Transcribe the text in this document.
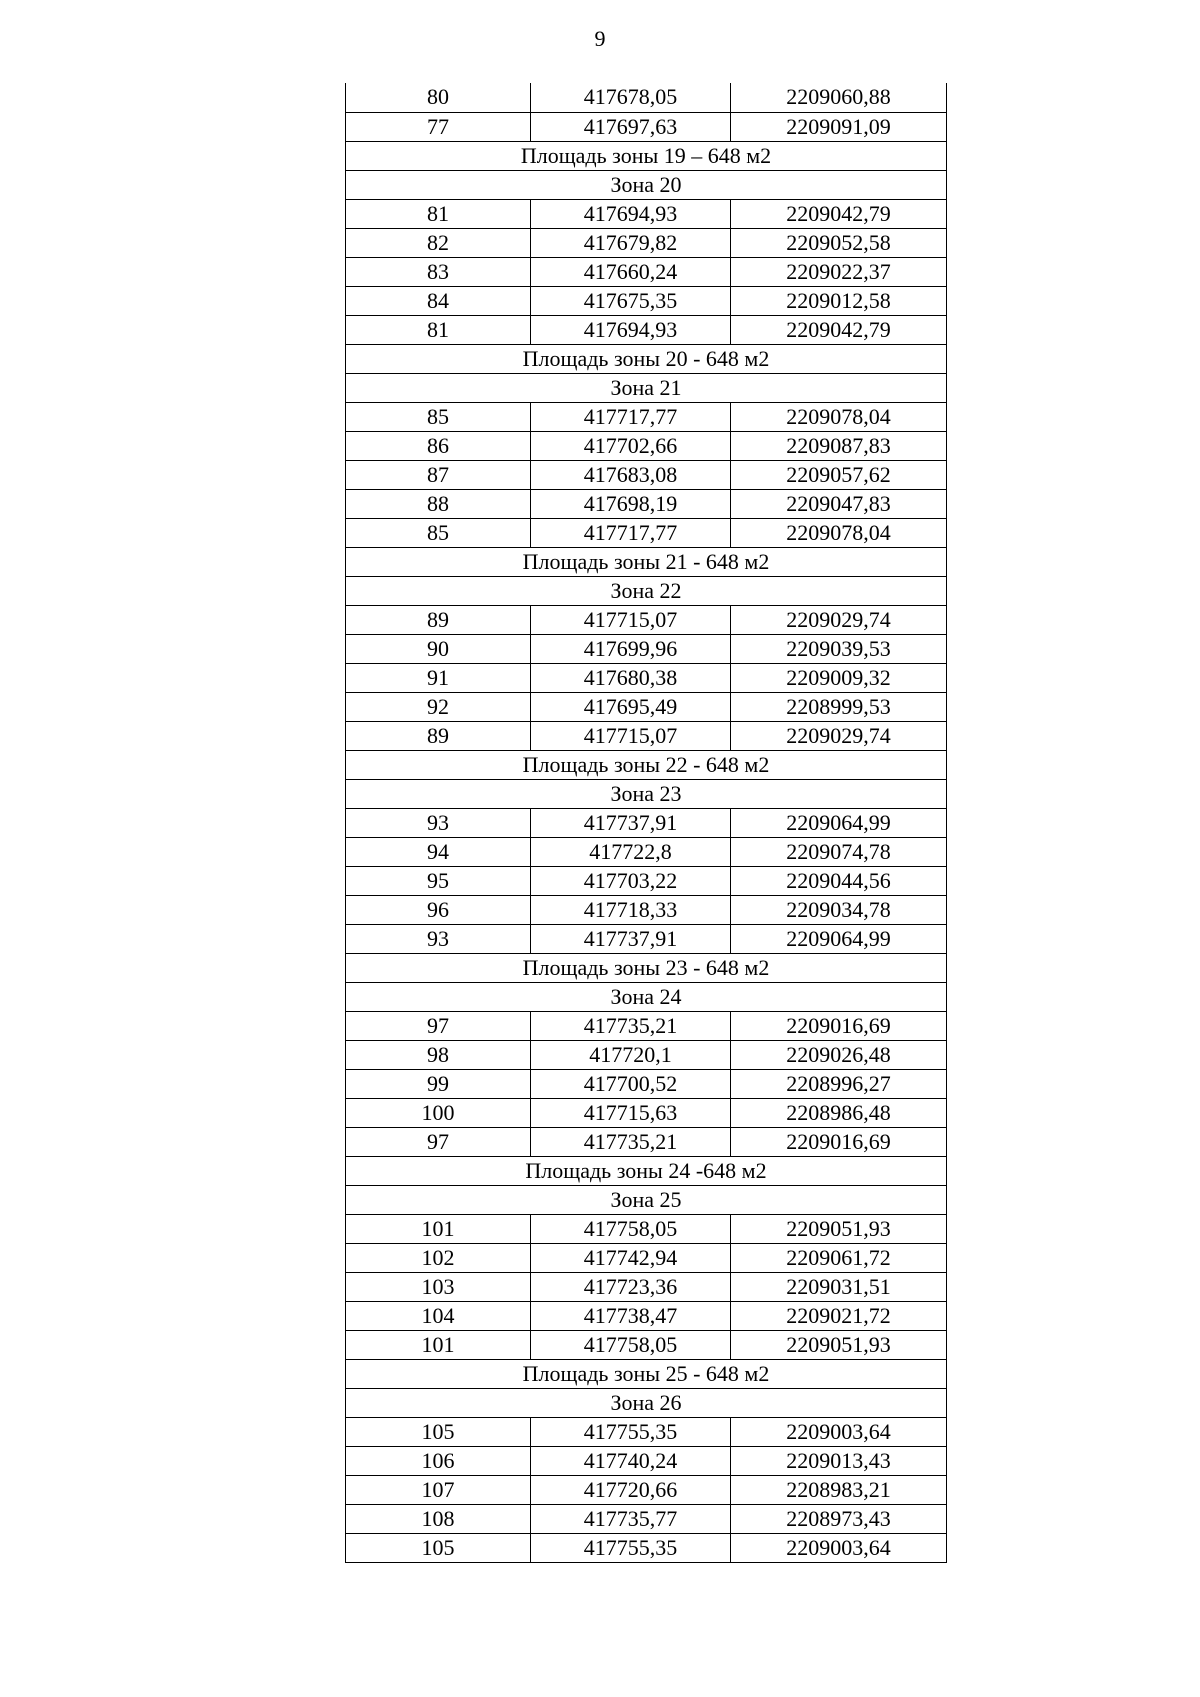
9
80	417678,05	2209060,88
77	417697,63	2209091,09
Площадь зоны 19 – 648 м2		
Зона 20		
81	417694,93	2209042,79
82	417679,82	2209052,58
83	417660,24	2209022,37
84	417675,35	2209012,58
81	417694,93	2209042,79
Площадь зоны 20 - 648 м2		
Зона 21		
85	417717,77	2209078,04
86	417702,66	2209087,83
87	417683,08	2209057,62
88	417698,19	2209047,83
85	417717,77	2209078,04
Площадь зоны 21 - 648 м2		
Зона 22		
89	417715,07	2209029,74
90	417699,96	2209039,53
91	417680,38	2209009,32
92	417695,49	2208999,53
89	417715,07	2209029,74
Площадь зоны 22 - 648 м2		
Зона 23		
93	417737,91	2209064,99
94	417722,8	2209074,78
95	417703,22	2209044,56
96	417718,33	2209034,78
93	417737,91	2209064,99
Площадь зоны 23 - 648 м2		
Зона 24		
97	417735,21	2209016,69
98	417720,1	2209026,48
99	417700,52	2208996,27
100	417715,63	2208986,48
97	417735,21	2209016,69
Площадь зоны 24 -648 м2		
Зона 25		
101	417758,05	2209051,93
102	417742,94	2209061,72
103	417723,36	2209031,51
104	417738,47	2209021,72
101	417758,05	2209051,93
Площадь зоны 25 - 648 м2		
Зона 26		
105	417755,35	2209003,64
106	417740,24	2209013,43
107	417720,66	2208983,21
108	417735,77	2208973,43
105	417755,35	2209003,64
